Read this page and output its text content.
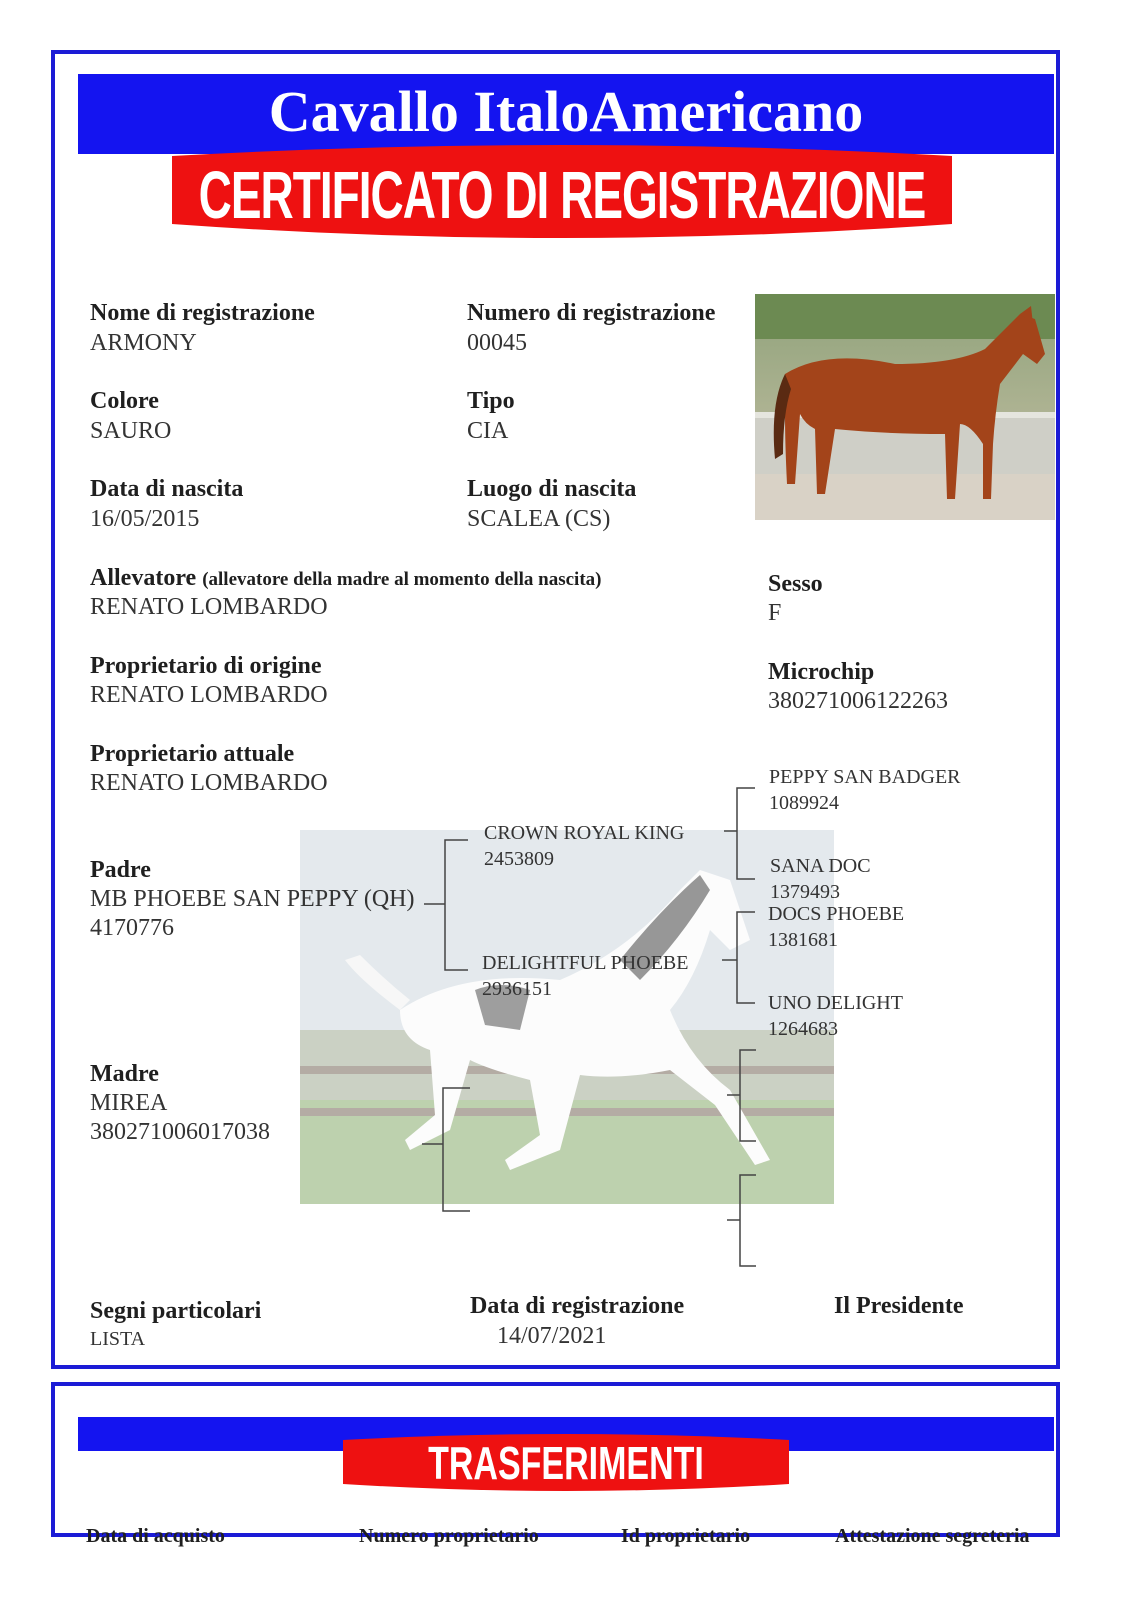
Cavallo ItaloAmericano
CERTIFICATO DI REGISTRAZIONE
Nome di registrazione
ARMONY
Colore
SAURO
Data di nascita
16/05/2015
Numero di registrazione
00045
Tipo
CIA
Luogo di nascita
SCALEA (CS)
Allevatore (allevatore della madre al momento della nascita)
RENATO LOMBARDO
Proprietario di origine
RENATO LOMBARDO
Proprietario attuale
RENATO LOMBARDO
Sesso
F
Microchip
380271006122263
Padre
MB PHOEBE SAN PEPPY (QH)
4170776
Madre
MIREA
380271006017038
CROWN ROYAL KING
2453809
DELIGHTFUL PHOEBE
2936151
PEPPY SAN BADGER
1089924
SANA DOC
1379493
DOCS PHOEBE
1381681
UNO DELIGHT
1264683
Segni particolari
LISTA
Data di registrazione
14/07/2021
Il Presidente
TRASFERIMENTI
Data di acquisto	Numero proprietario	Id proprietario	Attestazione segreteria
